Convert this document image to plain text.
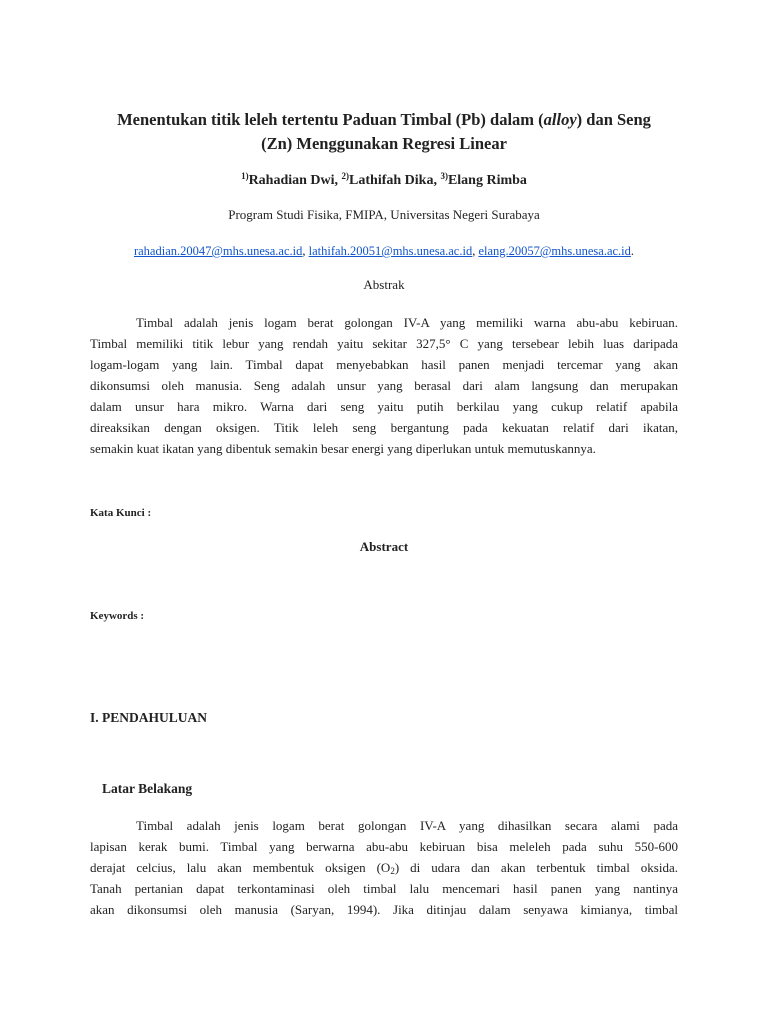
Menentukan titik leleh tertentu Paduan Timbal (Pb) dalam (alloy) dan Seng
(Zn) Menggunakan Regresi Linear
$^{1)}$Rahadian Dwi, $^{2)}$Lathifah Dika, $^{3)}$Elang Rimba
Program Studi Fisika, FMIPA, Universitas Negeri Surabaya
rahadian.20047@mhs.unesa.ac.id, lathifah.20051@mhs.unesa.ac.id, elang.20057@mhs.unesa.ac.id.
Abstrak
Timbal adalah jenis logam berat golongan IV-A yang memiliki warna abu-abu kebiruan.
Timbal memiliki titik lebur yang rendah yaitu sekitar 327,5° C yang tersebear lebih luas daripada
logam-logam yang lain. Timbal dapat menyebabkan hasil panen menjadi tercemar yang akan
dikonsumsi oleh manusia. Seng adalah unsur yang berasal dari alam langsung dan merupakan
dalam unsur hara mikro. Warna dari seng yaitu putih berkilau yang cukup relatif apabila
direaksikan dengan oksigen. Titik leleh seng bergantung pada kekuatan relatif dari ikatan,
semakin kuat ikatan yang dibentuk semakin besar energi yang diperlukan untuk memutuskannya.
Kata Kunci :
Abstract
Keywords :
I. PENDAHULUAN
Latar Belakang
Timbal adalah jenis logam berat golongan IV-A yang dihasilkan secara alami pada
lapisan kerak bumi. Timbal yang berwarna abu-abu kebiruan bisa meleleh pada suhu 550-600
derajat celcius, lalu akan membentuk oksigen $(O_2)$ di udara dan akan terbentuk timbal oksida.
Tanah pertanian dapat terkontaminasi oleh timbal lalu mencemari hasil panen yang nantinya
akan dikonsumsi oleh manusia (Saryan, 1994). Jika ditinjau dalam senyawa kimianya, timbal
